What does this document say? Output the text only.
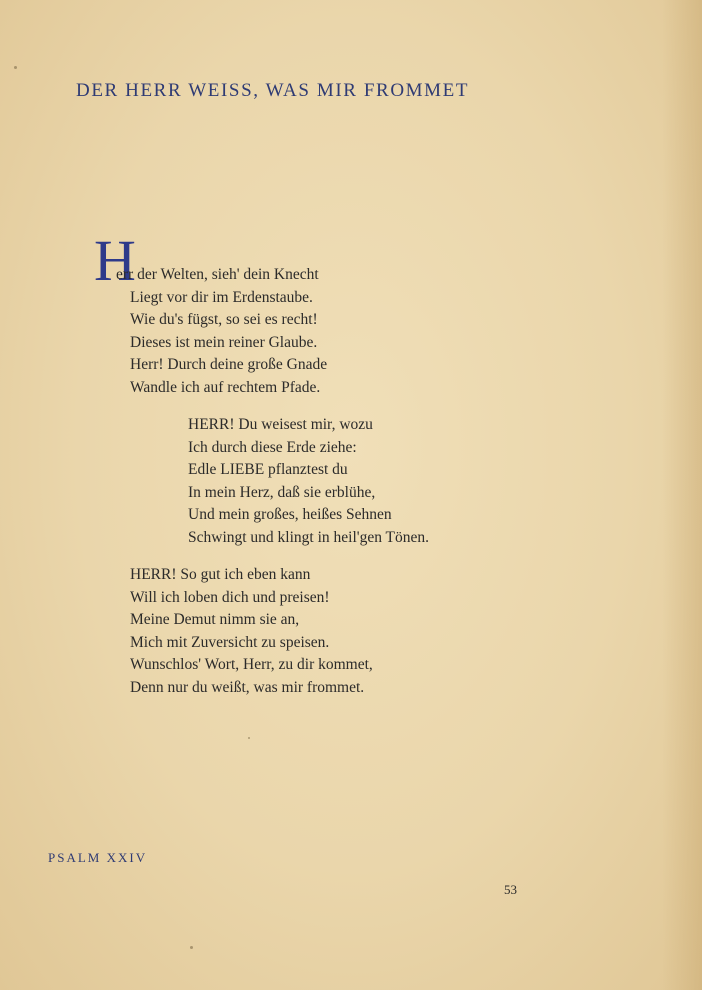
DER HERR WEISS, WAS MIR FROMMET
H
err der Welten, sieh' dein Knecht
Liegt vor dir im Erdenstaube.
Wie du's fügst, so sei es recht!
Dieses ist mein reiner Glaube.
Herr! Durch deine große Gnade
Wandle ich auf rechtem Pfade.
HERR! Du weisest mir, wozu
Ich durch diese Erde ziehe:
Edle LIEBE pflanztest du
In mein Herz, daß sie erblühe,
Und mein großes, heißes Sehnen
Schwingt und klingt in heil'gen Tönen.
HERR! So gut ich eben kann
Will ich loben dich und preisen!
Meine Demut nimm sie an,
Mich mit Zuversicht zu speisen.
Wunschlos' Wort, Herr, zu dir kommet,
Denn nur du weißt, was mir frommet.
PSALM XXIV
53
